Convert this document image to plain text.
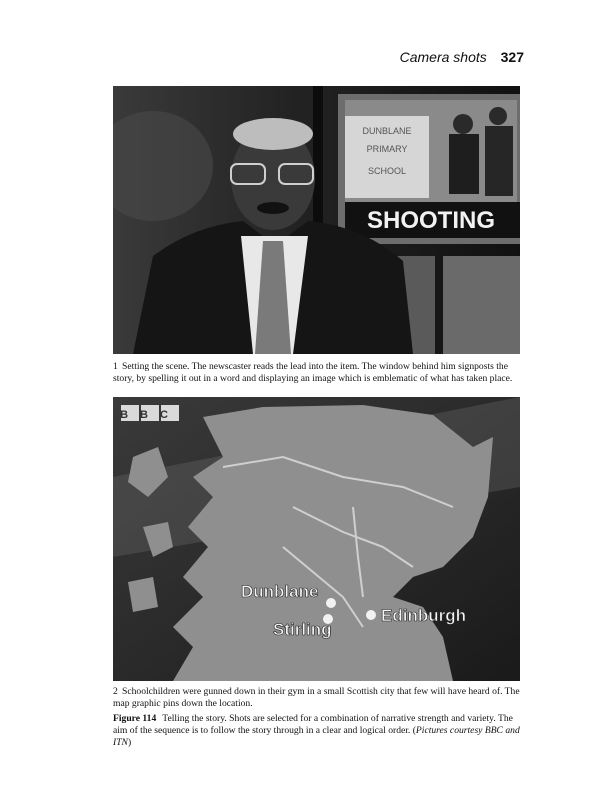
Camera shots 327
DUNBLANE
PRIMARY
SCHOOL
SHOOTING
1 Setting the scene. The newscaster reads the lead into the item. The window behind him signposts the story, by spelling it out in a word and displaying an image which is emblematic of what has taken place.
Dunblane
Stirling
Edinburgh
BBC
2 Schoolchildren were gunned down in their gym in a small Scottish city that few will have heard of. The map graphic pins down the location.
Figure 114 Telling the story. Shots are selected for a combination of narrative strength and variety. The aim of the sequence is to follow the story through in a clear and logical order. (Pictures courtesy BBC and ITN)
